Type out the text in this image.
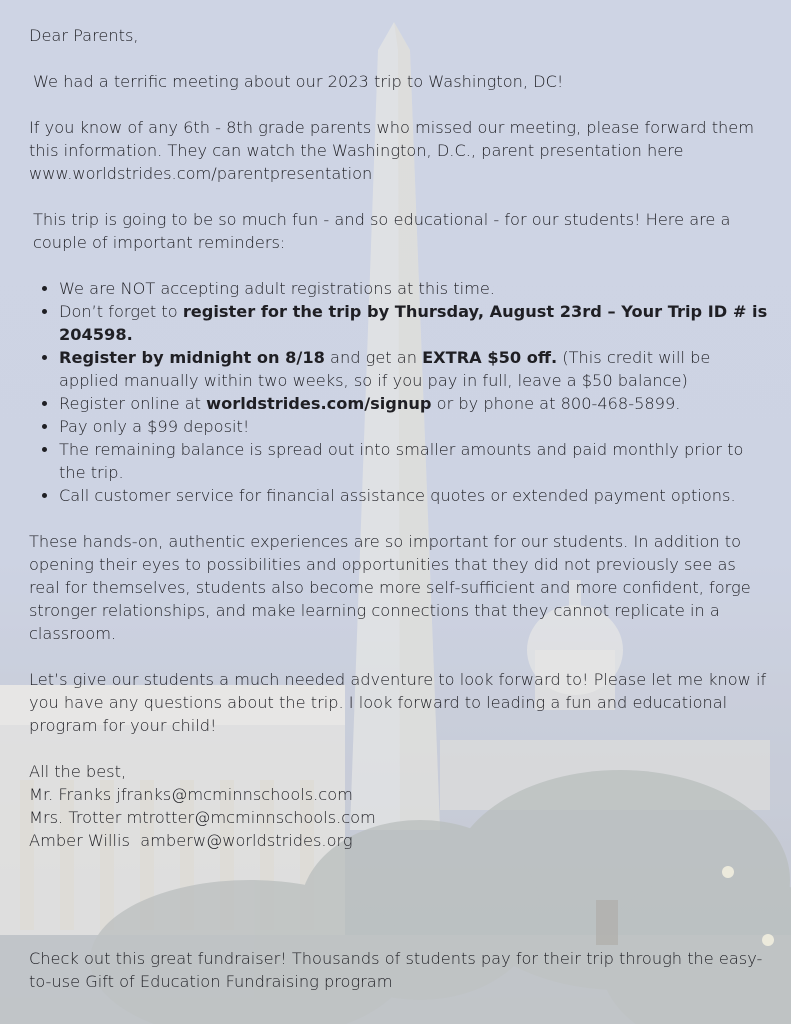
Dear Parents,

We had a terrific meeting about our 2023 trip to Washington, DC!

If you know of any 6th - 8th grade parents who missed our meeting, please forward them this information. They can watch the Washington, D.C., parent presentation here
www.worldstrides.com/parentpresentation

This trip is going to be so much fun - and so educational - for our students! Here are a couple of important reminders:

• We are NOT accepting adult registrations at this time.
• Don’t forget to register for the trip by Thursday, August 23rd – Your Trip ID # is 204598.
• Register by midnight on 8/18 and get an EXTRA $50 off. (This credit will be applied manually within two weeks, so if you pay in full, leave a $50 balance)
• Register online at worldstrides.com/signup or by phone at 800-468-5899.
• Pay only a $99 deposit!
• The remaining balance is spread out into smaller amounts and paid monthly prior to the trip.
• Call customer service for financial assistance quotes or extended payment options.

These hands-on, authentic experiences are so important for our students. In addition to opening their eyes to possibilities and opportunities that they did not previously see as real for themselves, students also become more self-sufficient and more confident, forge stronger relationships, and make learning connections that they cannot replicate in a classroom.

Let’s give our students a much needed adventure to look forward to! Please let me know if you have any questions about the trip. I look forward to leading a fun and educational program for your child!

All the best,
Mr. Franks jfranks@mcminnschools.com
Mrs. Trotter mtrotter@mcminnschools.com
Amber Willis  amberw@worldstrides.org

Check out this great fundraiser! Thousands of students pay for their trip through the easy-to-use Gift of Education Fundraising program
